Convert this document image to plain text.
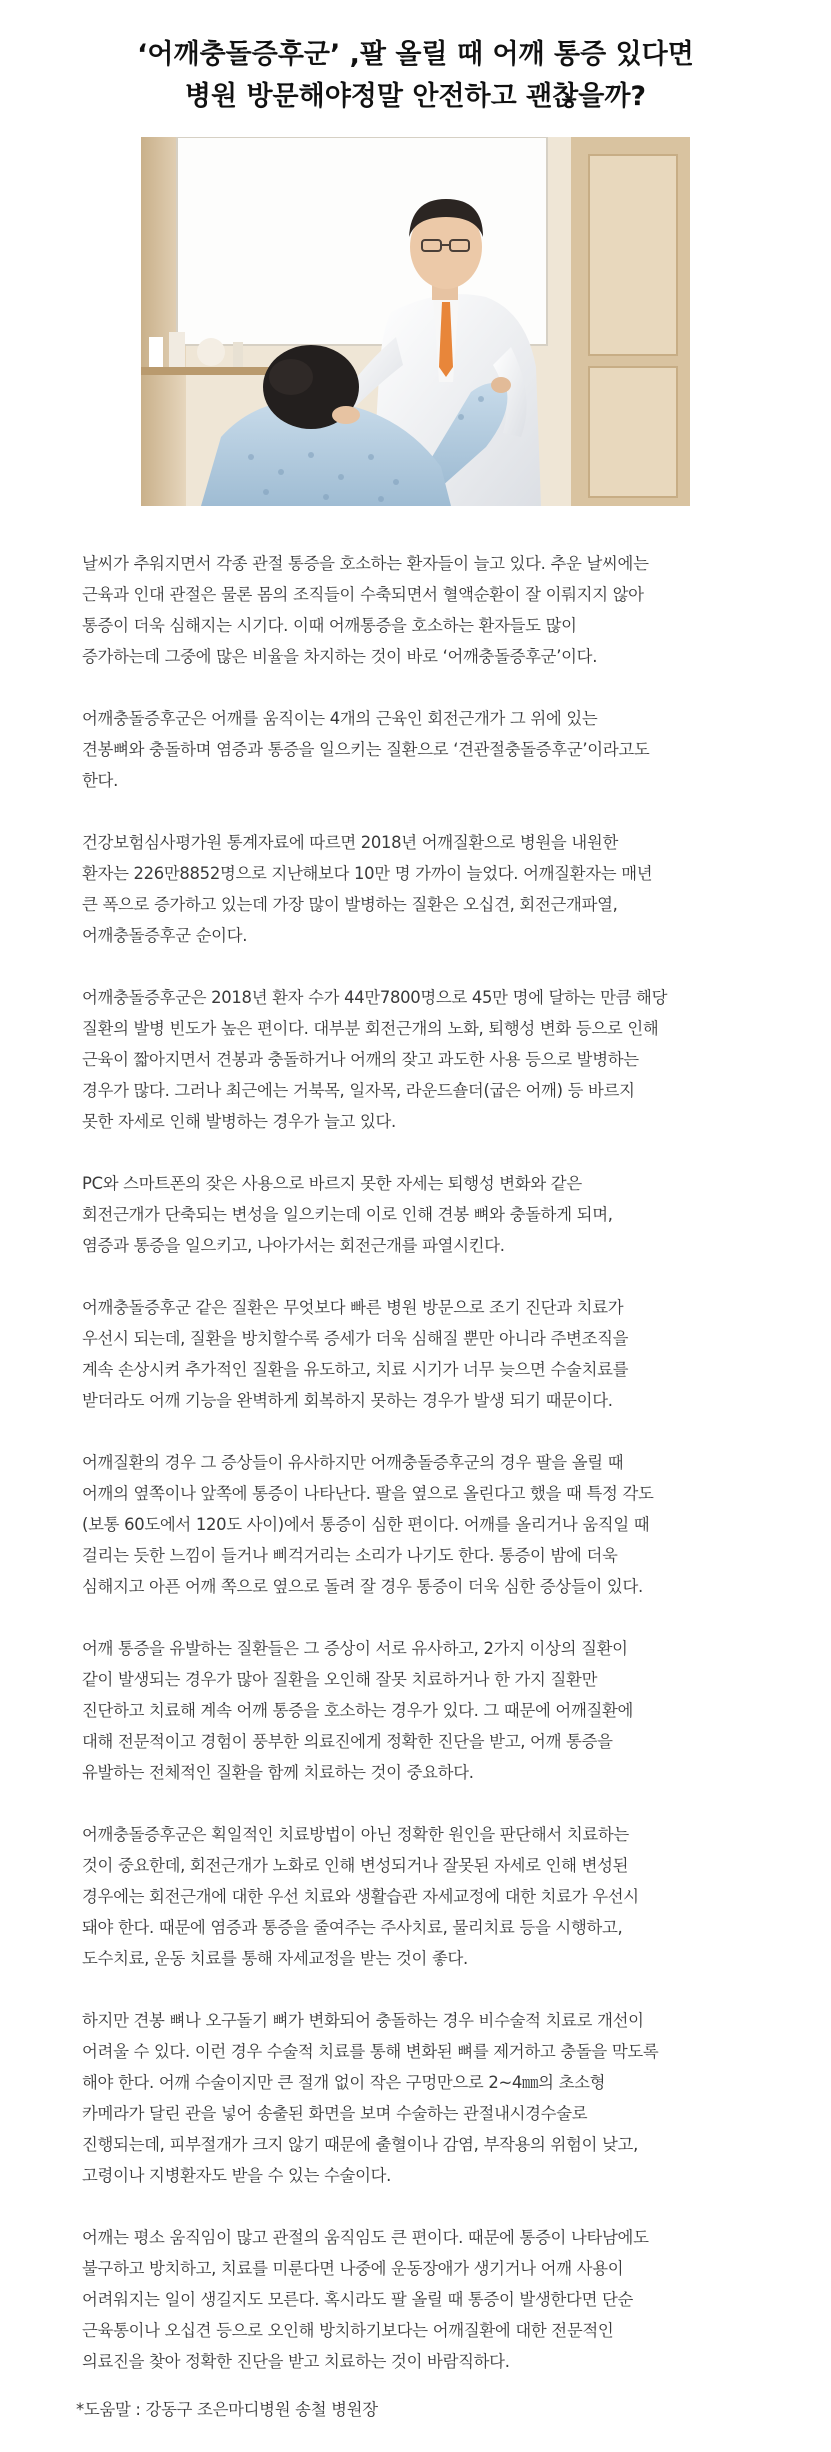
‘어깨충돌증후군’ ,팔 올릴 때 어깨 통증 있다면
병원 방문해야정말 안전하고 괜찮을까?

날씨가 추워지면서 각종 관절 통증을 호소하는 환자들이 늘고 있다. 추운 날씨에는
근육과 인대 관절은 물론 몸의 조직들이 수축되면서 혈액순환이 잘 이뤄지지 않아
통증이 더욱 심해지는 시기다. 이때 어깨통증을 호소하는 환자들도 많이
증가하는데 그중에 많은 비율을 차지하는 것이 바로 ‘어깨충돌증후군’이다.

어깨충돌증후군은 어깨를 움직이는 4개의 근육인 회전근개가 그 위에 있는
견봉뼈와 충돌하며 염증과 통증을 일으키는 질환으로 ‘견관절충돌증후군’이라고도
한다.

건강보험심사평가원 통계자료에 따르면 2018년 어깨질환으로 병원을 내원한
환자는 226만8852명으로 지난해보다 10만 명 가까이 늘었다. 어깨질환자는 매년
큰 폭으로 증가하고 있는데 가장 많이 발병하는 질환은 오십견, 회전근개파열,
어깨충돌증후군 순이다.

어깨충돌증후군은 2018년 환자 수가 44만7800명으로 45만 명에 달하는 만큼 해당
질환의 발병 빈도가 높은 편이다. 대부분 회전근개의 노화, 퇴행성 변화 등으로 인해
근육이 짧아지면서 견봉과 충돌하거나 어깨의 잦고 과도한 사용 등으로 발병하는
경우가 많다. 그러나 최근에는 거북목, 일자목, 라운드숄더(굽은 어깨) 등 바르지
못한 자세로 인해 발병하는 경우가 늘고 있다.

PC와 스마트폰의 잦은 사용으로 바르지 못한 자세는 퇴행성 변화와 같은
회전근개가 단축되는 변성을 일으키는데 이로 인해 견봉 뼈와 충돌하게 되며,
염증과 통증을 일으키고, 나아가서는 회전근개를 파열시킨다.

어깨충돌증후군 같은 질환은 무엇보다 빠른 병원 방문으로 조기 진단과 치료가
우선시 되는데, 질환을 방치할수록 증세가 더욱 심해질 뿐만 아니라 주변조직을
계속 손상시켜 추가적인 질환을 유도하고, 치료 시기가 너무 늦으면 수술치료를
받더라도 어깨 기능을 완벽하게 회복하지 못하는 경우가 발생 되기 때문이다.

어깨질환의 경우 그 증상들이 유사하지만 어깨충돌증후군의 경우 팔을 올릴 때
어깨의 옆쪽이나 앞쪽에 통증이 나타난다. 팔을 옆으로 올린다고 했을 때 특정 각도
(보통 60도에서 120도 사이)에서 통증이 심한 편이다. 어깨를 올리거나 움직일 때
걸리는 듯한 느낌이 들거나 삐걱거리는 소리가 나기도 한다. 통증이 밤에 더욱
심해지고 아픈 어깨 쪽으로 옆으로 돌려 잘 경우 통증이 더욱 심한 증상들이 있다.

어깨 통증을 유발하는 질환들은 그 증상이 서로 유사하고, 2가지 이상의 질환이
같이 발생되는 경우가 많아 질환을 오인해 잘못 치료하거나 한 가지 질환만
진단하고 치료해 계속 어깨 통증을 호소하는 경우가 있다. 그 때문에 어깨질환에
대해 전문적이고 경험이 풍부한 의료진에게 정확한 진단을 받고, 어깨 통증을
유발하는 전체적인 질환을 함께 치료하는 것이 중요하다.

어깨충돌증후군은 획일적인 치료방법이 아닌 정확한 원인을 판단해서 치료하는
것이 중요한데, 회전근개가 노화로 인해 변성되거나 잘못된 자세로 인해 변성된
경우에는 회전근개에 대한 우선 치료와 생활습관 자세교정에 대한 치료가 우선시
돼야 한다. 때문에 염증과 통증을 줄여주는 주사치료, 물리치료 등을 시행하고,
도수치료, 운동 치료를 통해 자세교정을 받는 것이 좋다.

하지만 견봉 뼈나 오구돌기 뼈가 변화되어 충돌하는 경우 비수술적 치료로 개선이
어려울 수 있다. 이런 경우 수술적 치료를 통해 변화된 뼈를 제거하고 충돌을 막도록
해야 한다. 어깨 수술이지만 큰 절개 없이 작은 구멍만으로 2~4㎜의 초소형
카메라가 달린 관을 넣어 송출된 화면을 보며 수술하는 관절내시경수술로
진행되는데, 피부절개가 크지 않기 때문에 출혈이나 감염, 부작용의 위험이 낮고,
고령이나 지병환자도 받을 수 있는 수술이다.

어깨는 평소 움직임이 많고 관절의 움직임도 큰 편이다. 때문에 통증이 나타남에도
불구하고 방치하고, 치료를 미룬다면 나중에 운동장애가 생기거나 어깨 사용이
어려워지는 일이 생길지도 모른다. 혹시라도 팔 올릴 때 통증이 발생한다면 단순
근육통이나 오십견 등으로 오인해 방치하기보다는 어깨질환에 대한 전문적인
의료진을 찾아 정확한 진단을 받고 치료하는 것이 바람직하다.

*도움말 : 강동구 조은마디병원 송철 병원장
